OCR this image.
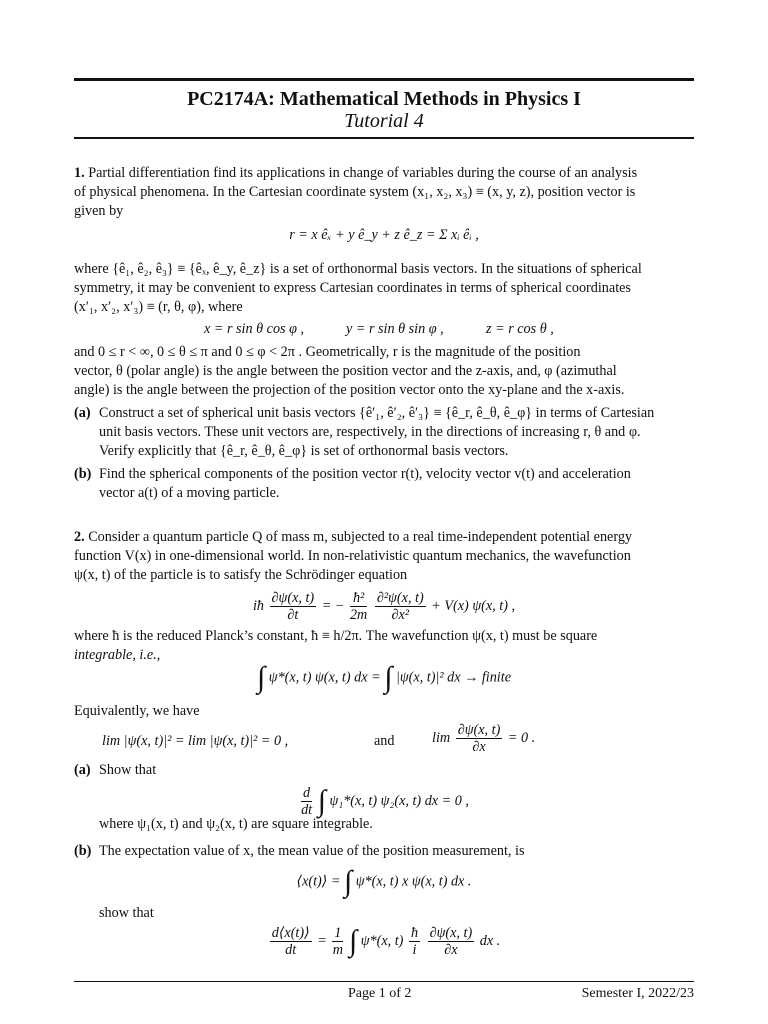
PC2174A: Mathematical Methods in Physics I
Tutorial 4
1. Partial differentiation find its applications in change of variables during the course of an analysis
of physical phenomena. In the Cartesian coordinate system (x₁, x₂, x₃) ≡ (x, y, z), position vector is
given by
r = x êₓ + y ê_y + z ê_z = Σ xᵢ êᵢ ,
where {ê₁, ê₂, ê₃} ≡ {êₓ, ê_y, ê_z} is a set of orthonormal basis vectors. In the situations of spherical
symmetry, it may be convenient to express Cartesian coordinates in terms of spherical coordinates
(x′₁, x′₂, x′₃) ≡ (r, θ, φ), where
x = r sin θ cos φ ,	y = r sin θ sin φ ,	z = r cos θ ,
and 0 ≤ r < ∞, 0 ≤ θ ≤ π and 0 ≤ φ < 2π . Geometrically, r is the magnitude of the position
vector, θ (polar angle) is the angle between the position vector and the z-axis, and, φ (azimuthal
angle) is the angle between the projection of the position vector onto the xy-plane and the x-axis.
(a) Construct a set of spherical unit basis vectors {ê′₁, ê′₂, ê′₃} ≡ {ê_r, ê_θ, ê_φ} in terms of Cartesian
unit basis vectors. These unit vectors are, respectively, in the directions of increasing r, θ and φ.
Verify explicitly that {ê_r, ê_θ, ê_φ} is set of orthonormal basis vectors.
(b) Find the spherical components of the position vector r(t), velocity vector v(t) and acceleration
vector a(t) of a moving particle.
2. Consider a quantum particle Q of mass m, subjected to a real time-independent potential energy
function V(x) in one-dimensional world. In non-relativistic quantum mechanics, the wavefunction
ψ(x, t) of the particle is to satisfy the Schrödinger equation
iħ $\frac{\partial\psi(x, t)}{\partial t}$ = − $\frac{\text{ħ²}}{2m}$
$\frac{\text{∂²ψ(x, t)}}{\text{∂x²}} + V(x)$ ψ(x, t) ,
where ħ is the reduced Planck’s constant, ħ ≡ h/2π. The wavefunction ψ(x, t) must be square
integrable, i.e.,
∫ ψ*(x, t) ψ(x, t) dx = ∫ |ψ(x, t)|² dx → finite
Equivalently, we have
lim |ψ(x, t)|² = lim |ψ(x, t)|² = 0 ,	and	$\lim \frac{\partial\psi(x, t)}{\partial x} = 0$ .
(a) Show that
$\frac{d}{dt}$ ∫ ψ₁*(x, t) ψ₂(x, t) dx = 0 ,
where ψ₁(x, t) and ψ₂(x, t) are square integrable.
(b) The expectation value of x, the mean value of the position measurement, is
⟨x(t)⟩ = ∫ ψ*(x, t) x ψ(x, t) dx .
show that
$\frac{d⟨x(t)⟩}{dt} = \frac{1}{m}$ ∫ ψ*(x, $t) \frac{ħ}{i}$
$\frac{\partial\psi(x, t)}{\partial x}$ dx .
Page 1 of 2	Semester I, 2022/23
